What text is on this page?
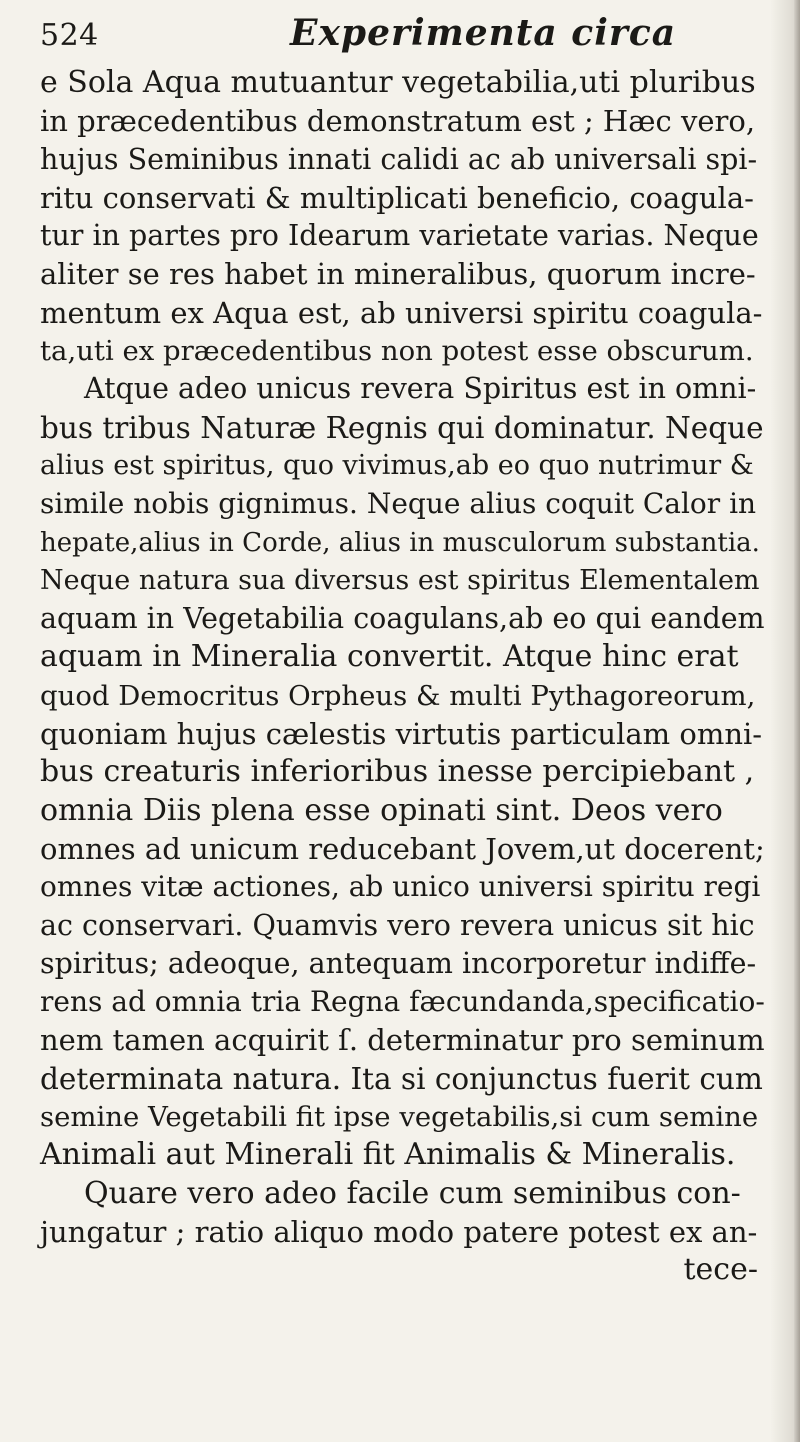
524	Experimenta circa
e Sola Aqua mutuantur vegetabilia,uti pluribus
in præcedentibus demonstratum est ; Hæc vero,
hujus Seminibus innati calidi ac ab universali spi-
ritu conservati & multiplicati beneficio, coagula-
tur in partes pro Idearum varietate varias. Neque
aliter se res habet in mineralibus, quorum incre-
mentum ex Aqua est, ab universi spiritu coagula-
ta,uti ex præcedentibus non potest esse obscurum.
Atque adeo unicus revera Spiritus est in omni-
bus tribus Naturæ Regnis qui dominatur. Neque
alius est spiritus, quo vivimus,ab eo quo nutrimur &
simile nobis gignimus. Neque alius coquit Calor in
hepate,alius in Corde, alius in musculorum substantia.
Neque natura sua diversus est spiritus Elementalem
aquam in Vegetabilia coagulans,ab eo qui eandem
aquam in Mineralia convertit. Atque hinc erat
quod Democritus Orpheus & multi Pythagoreorum,
quoniam hujus cælestis virtutis particulam omni-
bus creaturis inferioribus inesse percipiebant ,
omnia Diis plena esse opinati sint. Deos vero
omnes ad unicum reducebant Jovem,ut docerent;
omnes vitæ actiones, ab unico universi spiritu regi
ac conservari. Quamvis vero revera unicus sit hic
spiritus; adeoque, antequam incorporetur indiffe-
rens ad omnia tria Regna fæcundanda,specificatio-
nem tamen acquirit ſ. determinatur pro seminum
determinata natura. Ita si conjunctus fuerit cum
semine Vegetabili fit ipse vegetabilis,si cum semine
Animali aut Minerali fit Animalis & Mineralis.
Quare vero adeo facile cum seminibus con-
jungatur ; ratio aliquo modo patere potest ex an-
tece-
